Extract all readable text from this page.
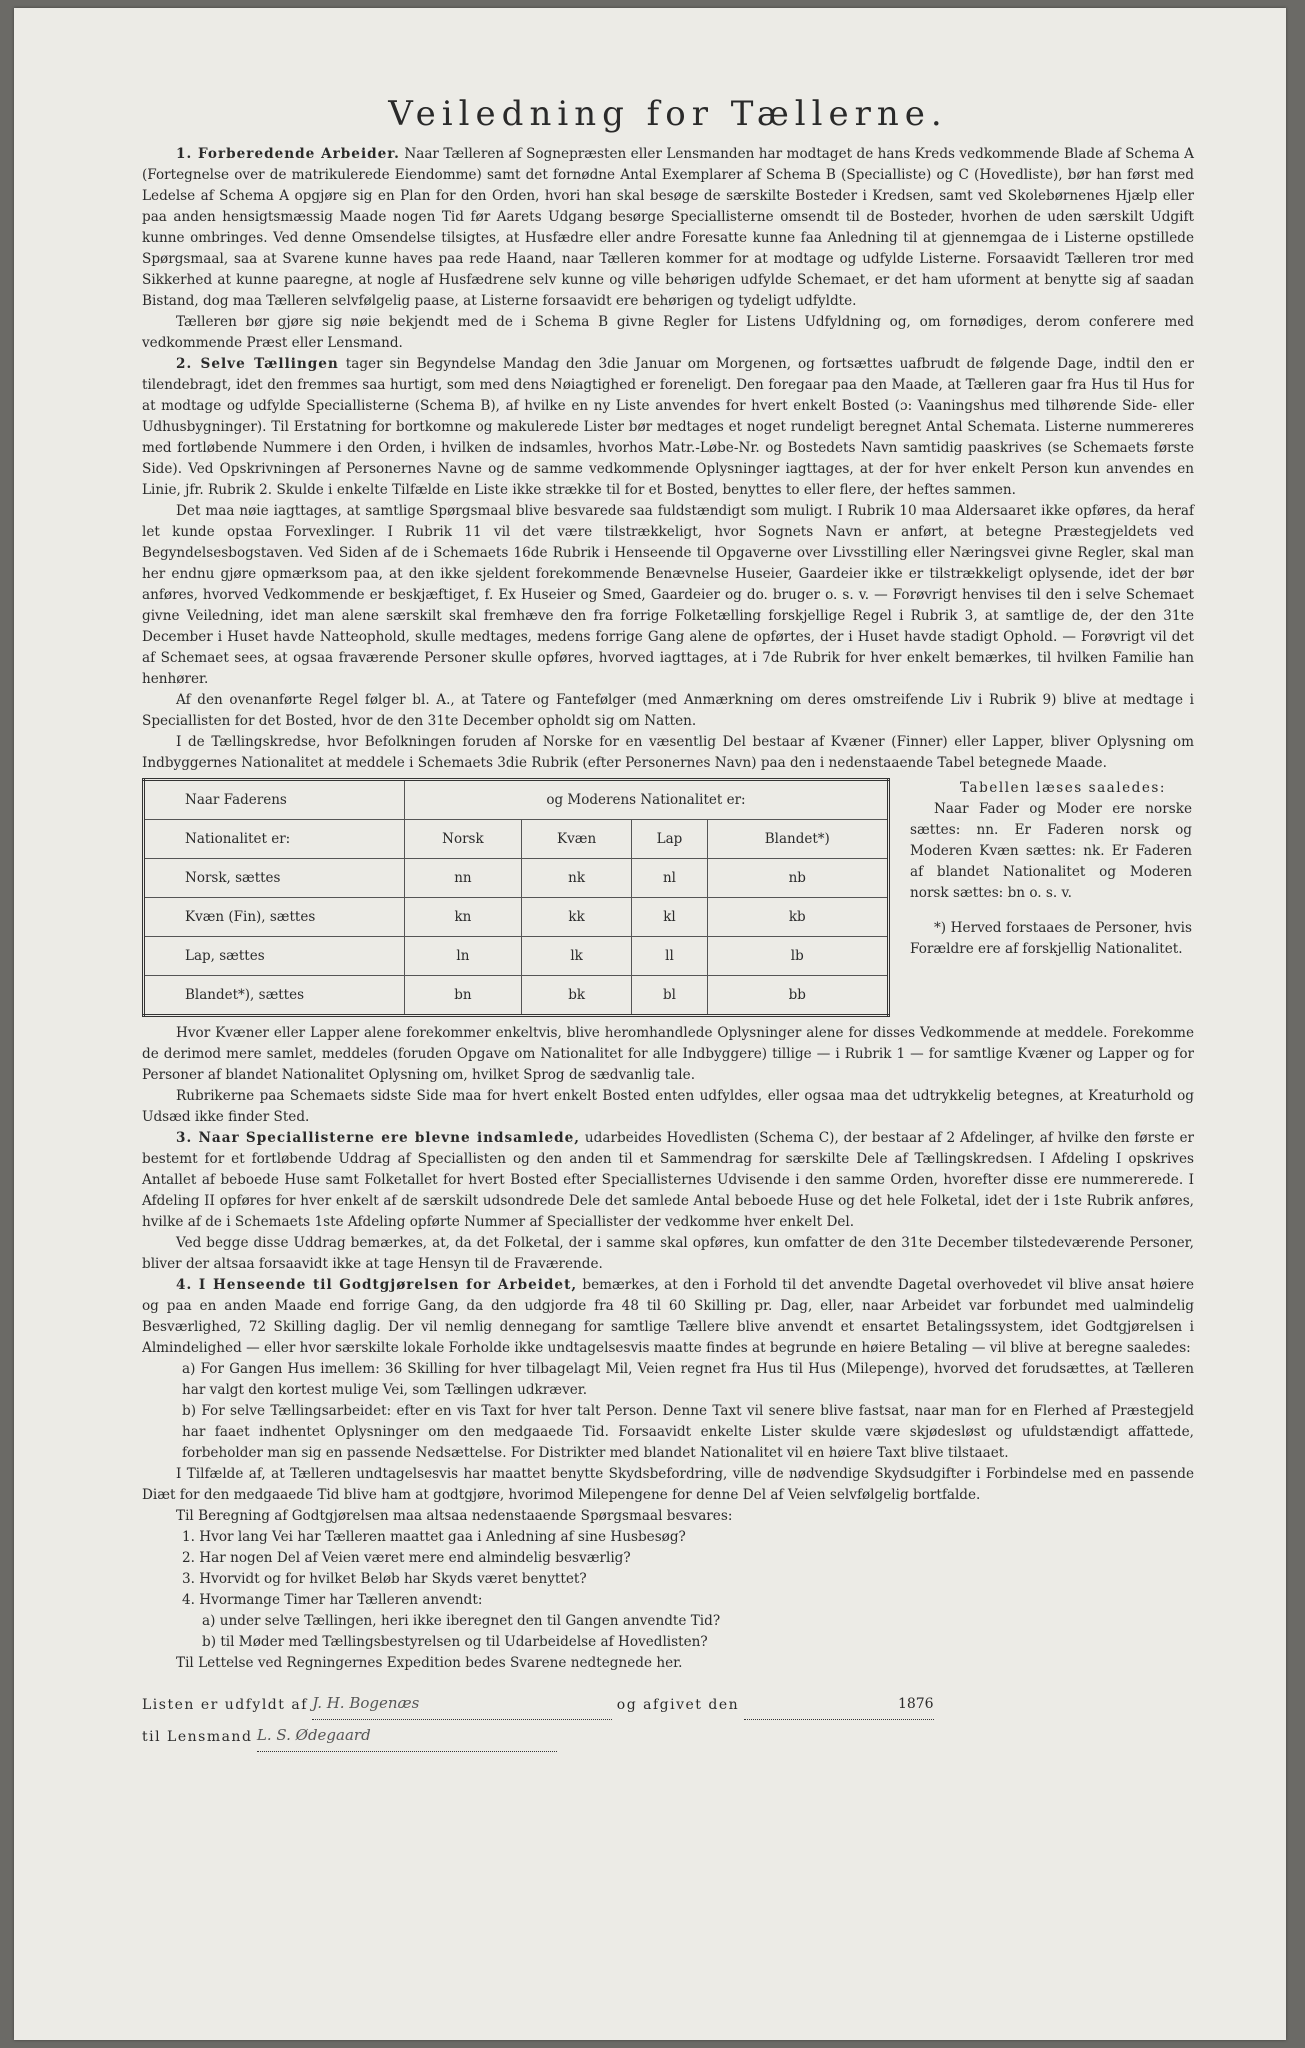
Veiledning for Tællerne.

1. Forberedende Arbeider. Naar Tælleren af Sognepræsten eller Lensmanden har modtaget de hans Kreds vedkommende Blade af Schema A (Fortegnelse over de matrikulerede Eiendomme) samt det fornødne Antal Exemplarer af Schema B (Specialliste) og C (Hovedliste), bør han først med Ledelse af Schema A opgjøre sig en Plan for den Orden, hvori han skal besøge de særskilte Bosteder i Kredsen, samt ved Skolebørnenes Hjælp eller paa anden hensigtsmæssig Maade nogen Tid før Aarets Udgang besørge Speciallisterne omsendt til de Bosteder, hvorhen de uden særskilt Udgift kunne ombringes. Ved denne Omsendelse tilsigtes, at Husfædre eller andre Foresatte kunne faa Anledning til at gjennemgaa de i Listerne opstillede Spørgsmaal, saa at Svarene kunne haves paa rede Haand, naar Tælleren kommer for at modtage og udfylde Listerne. Forsaavidt Tælleren tror med Sikkerhed at kunne paaregne, at nogle af Husfædrene selv kunne og ville behørigen udfylde Schemaet, er det ham uforment at benytte sig af saadan Bistand, dog maa Tælleren selvfølgelig paase, at Listerne forsaavidt ere behørigen og tydeligt udfyldte.

Tælleren bør gjøre sig nøie bekjendt med de i Schema B givne Regler for Listens Udfyldning og, om fornødiges, derom conferere med vedkommende Præst eller Lensmand.

2. Selve Tællingen tager sin Begyndelse Mandag den 3die Januar om Morgenen, og fortsættes uafbrudt de følgende Dage, indtil den er tilendebragt, idet den fremmes saa hurtigt, som med dens Nøiagtighed er foreneligt. Den foregaar paa den Maade, at Tælleren gaar fra Hus til Hus for at modtage og udfylde Speciallisterne (Schema B), af hvilke en ny Liste anvendes for hvert enkelt Bosted (ɔ: Vaaningshus med tilhørende Side- eller Udhusbygninger). Til Erstatning for bortkomne og makulerede Lister bør medtages et noget rundeligt beregnet Antal Schemata. Listerne nummereres med fortløbende Nummere i den Orden, i hvilken de indsamles, hvorhos Matr.-Løbe-Nr. og Bostedets Navn samtidig paaskrives (se Schemaets første Side). Ved Opskrivningen af Personernes Navne og de samme vedkommende Oplysninger iagttages, at der for hver enkelt Person kun anvendes en Linie, jfr. Rubrik 2. Skulde i enkelte Tilfælde en Liste ikke strække til for et Bosted, benyttes to eller flere, der heftes sammen.

Det maa nøie iagttages, at samtlige Spørgsmaal blive besvarede saa fuldstændigt som muligt. I Rubrik 10 maa Aldersaaret ikke opføres, da heraf let kunde opstaa Forvexlinger. I Rubrik 11 vil det være tilstrækkeligt, hvor Sognets Navn er anført, at betegne Præstegjeldets ved Begyndelsesbogstaven. Ved Siden af de i Schemaets 16de Rubrik i Henseende til Opgaverne over Livsstilling eller Næringsvei givne Regler, skal man her endnu gjøre opmærksom paa, at den ikke sjeldent forekommende Benævnelse Huseier, Gaardeier ikke er tilstrækkeligt oplysende, idet der bør anføres, hvorved Vedkommende er beskjæftiget, f. Ex Huseier og Smed, Gaardeier og do. bruger o. s. v. — Forøvrigt henvises til den i selve Schemaet givne Veiledning, idet man alene særskilt skal fremhæve den fra forrige Folketælling forskjellige Regel i Rubrik 3, at samtlige de, der den 31te December i Huset havde Natteophold, skulle medtages, medens forrige Gang alene de opførtes, der i Huset havde stadigt Ophold. — Forøvrigt vil det af Schemaet sees, at ogsaa fraværende Personer skulle opføres, hvorved iagttages, at i 7de Rubrik for hver enkelt bemærkes, til hvilken Familie han henhører.

Af den ovenanførte Regel følger bl. A., at Tatere og Fantefølger (med Anmærkning om deres omstreifende Liv i Rubrik 9) blive at medtage i Speciallisten for det Bosted, hvor de den 31te December opholdt sig om Natten.

I de Tællingskredse, hvor Befolkningen foruden af Norske for en væsentlig Del bestaar af Kvæner (Finner) eller Lapper, bliver Oplysning om Indbyggernes Nationalitet at meddele i Schemaets 3die Rubrik (efter Personernes Navn) paa den i nedenstaaende Tabel betegnede Maade.

Naar Faderens	og Moderens Nationalitet er:			
Nationalitet er:	Norsk	Kvæn	Lap	Blandet*)
Norsk, sættes	nn	nk	nl	nb
Kvæn (Fin), sættes	kn	kk	kl	kb
Lap, sættes	ln	lk	ll	lb
Blandet*), sættes	bn	bk	bl	bb

Tabellen læses saaledes:

Naar Fader og Moder ere norske sættes: nn. Er Faderen norsk og Moderen Kvæn sættes: nk. Er Faderen af blandet Nationalitet og Moderen norsk sættes: bn o. s. v.

*) Herved forstaaes de Personer, hvis Forældre ere af forskjellig Nationalitet.

Hvor Kvæner eller Lapper alene forekommer enkeltvis, blive heromhandlede Oplysninger alene for disses Vedkommende at meddele. Forekomme de derimod mere samlet, meddeles (foruden Opgave om Nationalitet for alle Indbyggere) tillige — i Rubrik 1 — for samtlige Kvæner og Lapper og for Personer af blandet Nationalitet Oplysning om, hvilket Sprog de sædvanlig tale.

Rubrikerne paa Schemaets sidste Side maa for hvert enkelt Bosted enten udfyldes, eller ogsaa maa det udtrykkelig betegnes, at Kreaturhold og Udsæd ikke finder Sted.

3. Naar Speciallisterne ere blevne indsamlede, udarbeides Hovedlisten (Schema C), der bestaar af 2 Afdelinger, af hvilke den første er bestemt for et fortløbende Uddrag af Speciallisten og den anden til et Sammendrag for særskilte Dele af Tællingskredsen. I Afdeling I opskrives Antallet af beboede Huse samt Folketallet for hvert Bosted efter Speciallisternes Udvisende i den samme Orden, hvorefter disse ere nummererede. I Afdeling II opføres for hver enkelt af de særskilt udsondrede Dele det samlede Antal beboede Huse og det hele Folketal, idet der i 1ste Rubrik anføres, hvilke af de i Schemaets 1ste Afdeling opførte Nummer af Speciallister der vedkomme hver enkelt Del.

Ved begge disse Uddrag bemærkes, at, da det Folketal, der i samme skal opføres, kun omfatter de den 31te December tilstedeværende Personer, bliver der altsaa forsaavidt ikke at tage Hensyn til de Fraværende.

4. I Henseende til Godtgjørelsen for Arbeidet, bemærkes, at den i Forhold til det anvendte Dagetal overhovedet vil blive ansat høiere og paa en anden Maade end forrige Gang, da den udgjorde fra 48 til 60 Skilling pr. Dag, eller, naar Arbeidet var forbundet med ualmindelig Besværlighed, 72 Skilling daglig. Der vil nemlig dennegang for samtlige Tællere blive anvendt et ensartet Betalingssystem, idet Godtgjørelsen i Almindelighed — eller hvor særskilte lokale Forholde ikke undtagelsesvis maatte findes at begrunde en høiere Betaling — vil blive at beregne saaledes:

a) For Gangen Hus imellem: 36 Skilling for hver tilbagelagt Mil, Veien regnet fra Hus til Hus (Milepenge), hvorved det forudsættes, at Tælleren har valgt den kortest mulige Vei, som Tællingen udkræver.

b) For selve Tællingsarbeidet: efter en vis Taxt for hver talt Person. Denne Taxt vil senere blive fastsat, naar man for en Flerhed af Præstegjeld har faaet indhentet Oplysninger om den medgaaede Tid. Forsaavidt enkelte Lister skulde være skjødesløst og ufuldstændigt affattede, forbeholder man sig en passende Nedsættelse. For Distrikter med blandet Nationalitet vil en høiere Taxt blive tilstaaet.

I Tilfælde af, at Tælleren undtagelsesvis har maattet benytte Skydsbefordring, ville de nødvendige Skydsudgifter i Forbindelse med en passende Diæt for den medgaaede Tid blive ham at godtgjøre, hvorimod Milepengene for denne Del af Veien selvfølgelig bortfalde.

Til Beregning af Godtgjørelsen maa altsaa nedenstaaende Spørgsmaal besvares:

1. Hvor lang Vei har Tælleren maattet gaa i Anledning af sine Husbesøg?

2. Har nogen Del af Veien været mere end almindelig besværlig?

3. Hvorvidt og for hvilket Beløb har Skyds været benyttet?

4. Hvormange Timer har Tælleren anvendt:

a) under selve Tællingen, heri ikke iberegnet den til Gangen anvendte Tid?

b) til Møder med Tællingsbestyrelsen og til Udarbeidelse af Hovedlisten?

Til Lettelse ved Regningernes Expedition bedes Svarene nedtegnede her.

Listen er udfyldt af J. H. Bogenæs	og afgivet den	1876
til Lensmand L. S. Ødegaard
